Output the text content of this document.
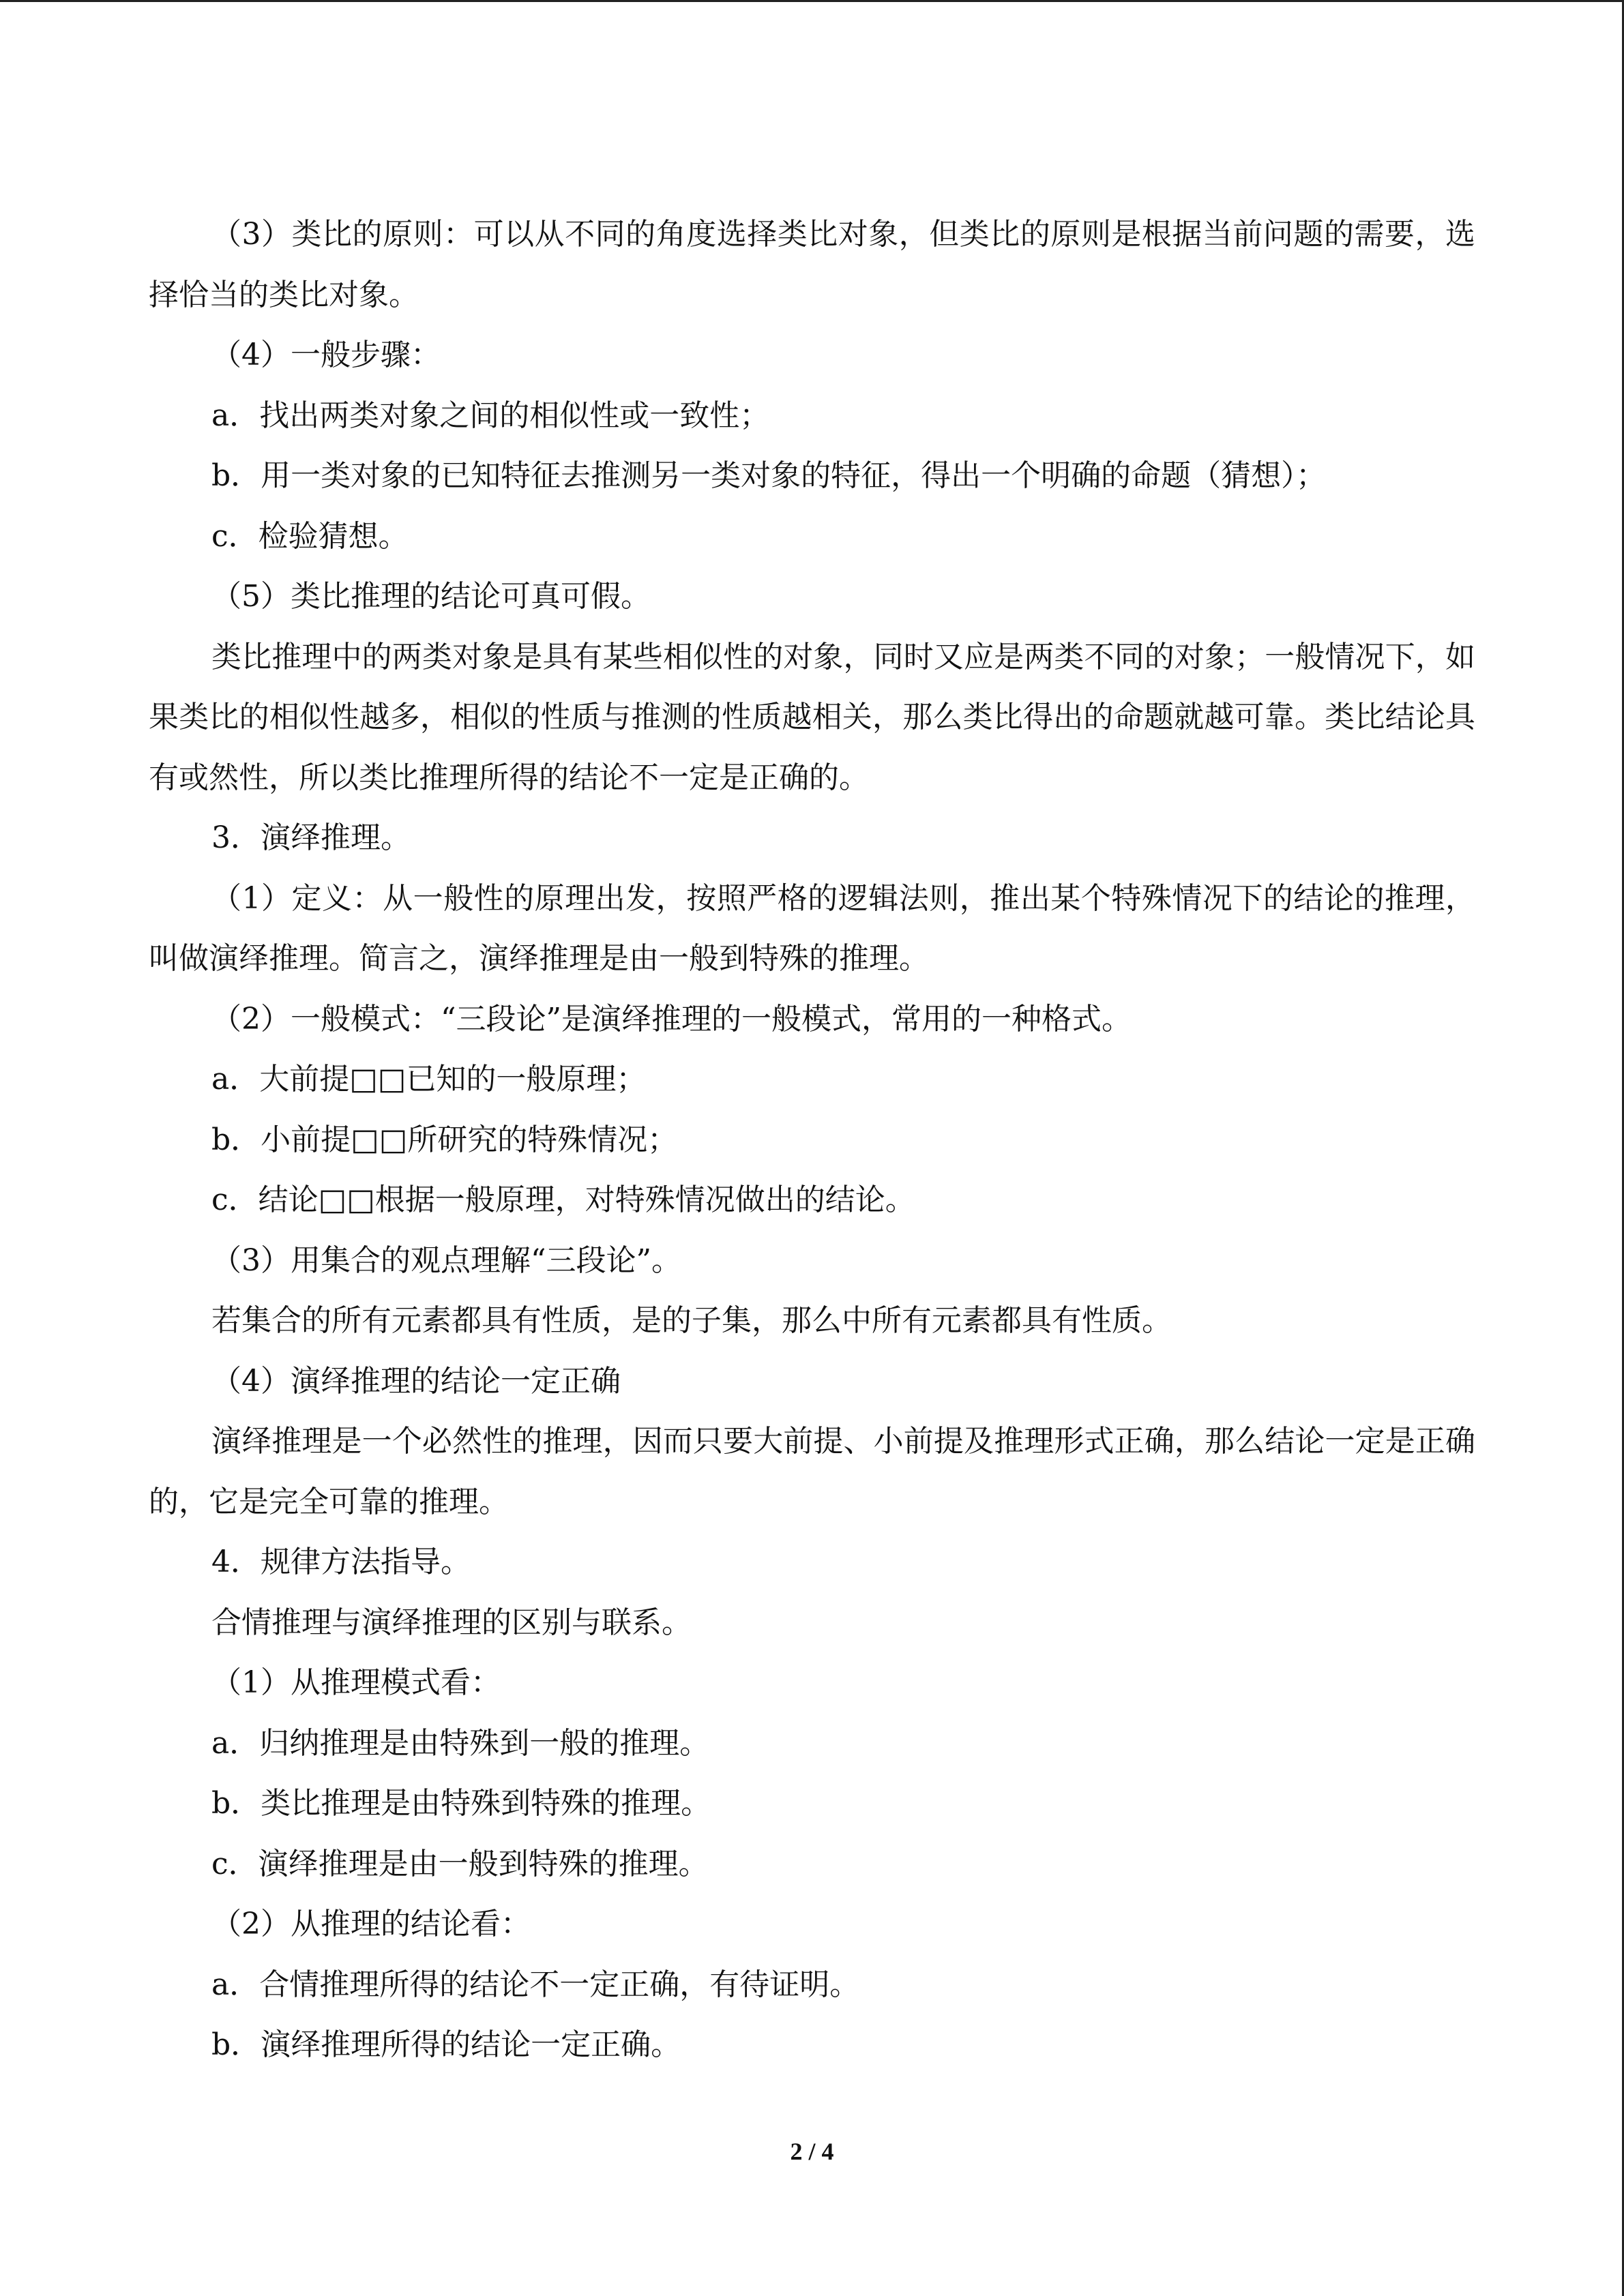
（3）类比的原则：可以从不同的角度选择类比对象，但类比的原则是根据当前问题的需要，选择恰当的类比对象。

（4）一般步骤：

a．找出两类对象之间的相似性或一致性；

b．用一类对象的已知特征去推测另一类对象的特征，得出一个明确的命题（猜想）；

c．检验猜想。

（5）类比推理的结论可真可假。

类比推理中的两类对象是具有某些相似性的对象，同时又应是两类不同的对象；一般情况下，如果类比的相似性越多，相似的性质与推测的性质越相关，那么类比得出的命题就越可靠。类比结论具有或然性，所以类比推理所得的结论不一定是正确的。

3．演绎推理。

（1）定义：从一般性的原理出发，按照严格的逻辑法则，推出某个特殊情况下的结论的推理，叫做演绎推理。简言之，演绎推理是由一般到特殊的推理。

（2）一般模式：“三段论”是演绎推理的一般模式，常用的一种格式。

a．大前提□□已知的一般原理；

b．小前提□□所研究的特殊情况；

c．结论□□根据一般原理，对特殊情况做出的结论。

（3）用集合的观点理解“三段论”。

若集合的所有元素都具有性质，是的子集，那么中所有元素都具有性质。

（4）演绎推理的结论一定正确

演绎推理是一个必然性的推理，因而只要大前提、小前提及推理形式正确，那么结论一定是正确的，它是完全可靠的推理。

4．规律方法指导。

合情推理与演绎推理的区别与联系。

（1）从推理模式看：

a．归纳推理是由特殊到一般的推理。

b．类比推理是由特殊到特殊的推理。

c．演绎推理是由一般到特殊的推理。

（2）从推理的结论看：

a．合情推理所得的结论不一定正确，有待证明。

b．演绎推理所得的结论一定正确。

2 / 4
